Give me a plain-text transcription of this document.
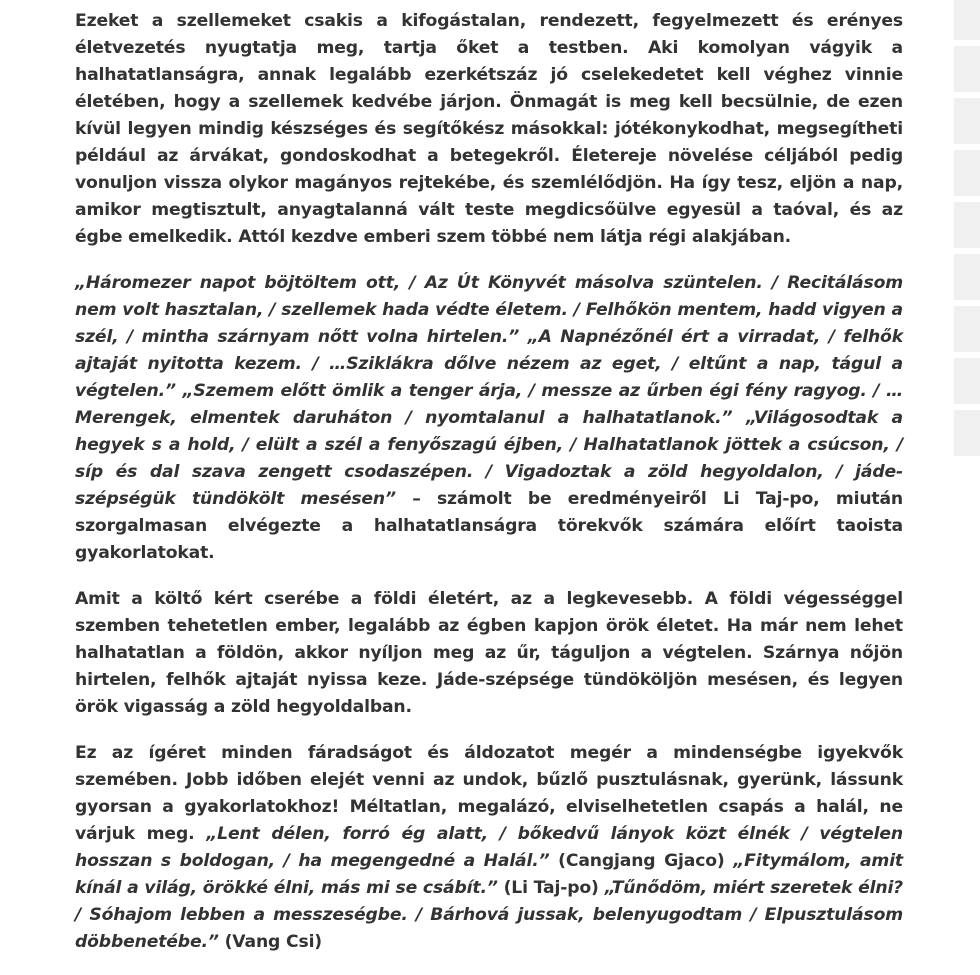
Ezeket a szellemeket csakis a kifogástalan, rendezett, fegyelmezett és erényes életvezetés nyugtatja meg, tartja őket a testben. Aki komolyan vágyik a halhatatlanságra, annak legalább ezerkétszáz jó cselekedetet kell véghez vinnie életében, hogy a szellemek kedvébe járjon. Önmagát is meg kell becsülnie, de ezen kívül legyen mindig készséges és segítőkész másokkal: jótékonykodhat, megsegítheti például az árvákat, gondoskodhat a betegekről. Életereje növelése céljából pedig vonuljon vissza olykor magányos rejtekébe, és szemlélődjön. Ha így tesz, eljön a nap, amikor megtisztult, anyagtalanná vált teste megdicsőülve egyesül a taóval, és az égbe emelkedik. Attól kezdve emberi szem többé nem látja régi alakjában.

„Háromezer napot böjtöltem ott, / Az Út Könyvét másolva szüntelen. / Recitálásom nem volt hasztalan, / szellemek hada védte életem. / Felhőkön mentem, hadd vigyen a szél, / mintha szárnyam nőtt volna hirtelen.” „A Napnézőnél ért a virradat, / felhők ajtaját nyitotta kezem. / …Sziklákra dőlve nézem az eget, / eltűnt a nap, tágul a végtelen.” „Szemem előtt ömlik a tenger árja, / messze az űrben égi fény ragyog. / …Merengek, elmentek daruháton / nyomtalanul a halhatatlanok.” „Világosodtak a hegyek s a hold, / elült a szél a fenyőszagú éjben, / Halhatatlanok jöttek a csúcson, / síp és dal szava zengett csodaszépen. / Vigadoztak a zöld hegyoldalon, / jáde-szépségük tündökölt mesésen” – számolt be eredményeiről Li Taj-po, miután szorgalmasan elvégezte a halhatatlanságra törekvők számára előírt taoista gyakorlatokat.

Amit a költő kért cserébe a földi életért, az a legkevesebb. A földi végességgel szemben tehetetlen ember, legalább az égben kapjon örök életet. Ha már nem lehet halhatatlan a földön, akkor nyíljon meg az űr, táguljon a végtelen. Szárnya nőjön hirtelen, felhők ajtaját nyissa keze. Jáde-szépsége tündököljön mesésen, és legyen örök vigasság a zöld hegyoldalban.

Ez az ígéret minden fáradságot és áldozatot megér a mindenségbe igyekvők szemében. Jobb időben elejét venni az undok, bűzlő pusztulásnak, gyerünk, lássunk gyorsan a gyakorlatokhoz! Méltatlan, megalázó, elviselhetetlen csapás a halál, ne várjuk meg. „Lent délen, forró ég alatt, / bőkedvű lányok közt élnék / végtelen hosszan s boldogan, / ha megengedné a Halál.” (Cangjang Gjaco) „Fitymálom, amit kínál a világ, örökké élni, más mi se csábít.” (Li Taj-po) „Tűnődöm, miért szeretek élni? / Sóhajom lebben a messzeségbe. / Bárhová jussak, belenyugodtam / Elpusztulásom döbbenetébe.” (Vang Csi)
